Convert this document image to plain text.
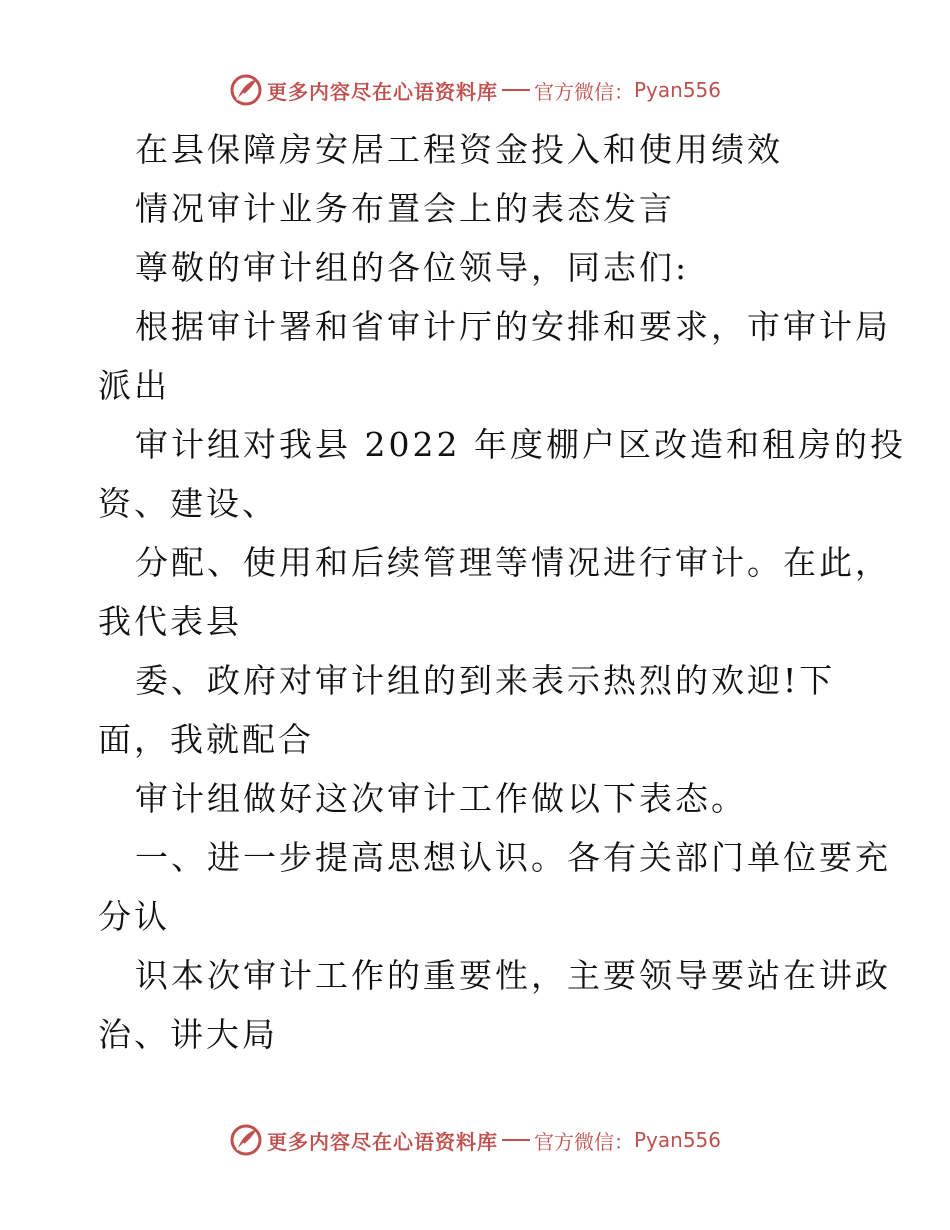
更多内容尽在心语资料库 官方微信： Pyan556
在县保障房安居工程资金投入和使用绩效
情况审计业务布置会上的表态发言
尊敬的审计组的各位领导，同志们:
根据审计署和省审计厅的安排和要求，市审计局
派出
审计组对我县 2022 年度棚户区改造和租房的投
资、建设、
分配、使用和后续管理等情况进行审计。在此，
我代表县
委、政府对审计组的到来表示热烈的欢迎!下
面，我就配合
审计组做好这次审计工作做以下表态。
一、进一步提高思想认识。各有关部门单位要充
分认
识本次审计工作的重要性，主要领导要站在讲政
治、讲大局
更多内容尽在心语资料库 官方微信： Pyan556
